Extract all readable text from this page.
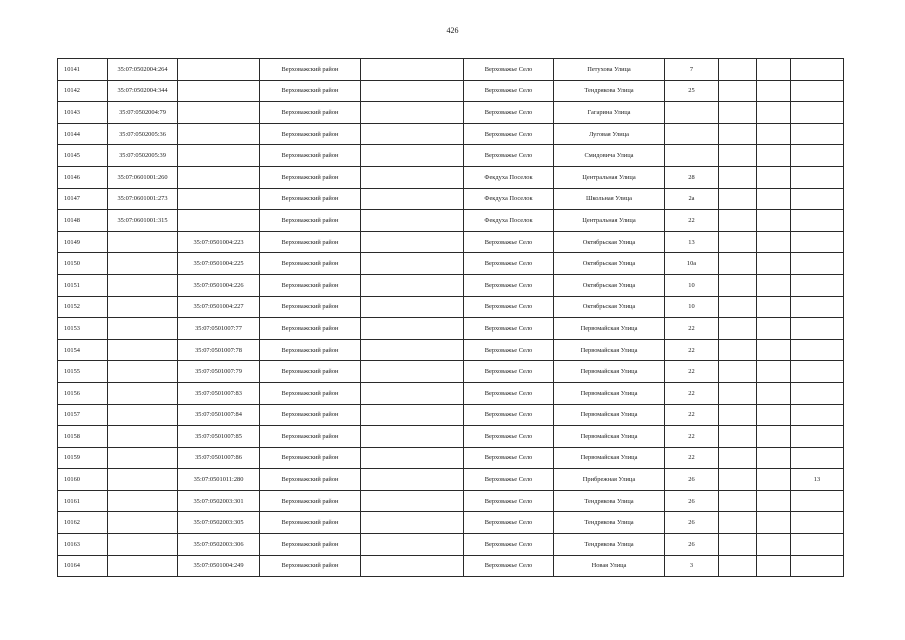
426
10141	35:07:0502004:264		Верховажский район		Верховажье Село	Петухова Улица	7			
10142	35:07:0502004:344		Верховажский район		Верховажье Село	Тендрякова Улица	25			
10143	35:07:0502004:79		Верховажский район		Верховажье Село	Гагарина Улица				
10144	35:07:0502005:36		Верховажский район		Верховажье Село	Луговая Улица				
10145	35:07:0502005:39		Верховажский район		Верховажье Село	Смидовича Улица				
10146	35:07:0601001:260		Верховажский район		Фекдуха Поселок	Центральная Улица	28			
10147	35:07:0601001:273		Верховажский район		Фекдуха Поселок	Школьная Улица	2а			
10148	35:07:0601001:315		Верховажский район		Фекдуха Поселок	Центральная Улица	22			
10149		35:07:0501004:223	Верховажский район		Верховажье Село	Октябрьская Улица	13			
10150		35:07:0501004:225	Верховажский район		Верховажье Село	Октябрьская Улица	10а			
10151		35:07:0501004:226	Верховажский район		Верховажье Село	Октябрьская Улица	10			
10152		35:07:0501004:227	Верховажский район		Верховажье Село	Октябрьская Улица	10			
10153		35:07:0501007:77	Верховажский район		Верховажье Село	Первомайская Улица	22			
10154		35:07:0501007:78	Верховажский район		Верховажье Село	Первомайская Улица	22			
10155		35:07:0501007:79	Верховажский район		Верховажье Село	Первомайская Улица	22			
10156		35:07:0501007:83	Верховажский район		Верховажье Село	Первомайская Улица	22			
10157		35:07:0501007:84	Верховажский район		Верховажье Село	Первомайская Улица	22			
10158		35:07:0501007:85	Верховажский район		Верховажье Село	Первомайская Улица	22			
10159		35:07:0501007:86	Верховажский район		Верховажье Село	Первомайская Улица	22			
10160		35:07:0501011:280	Верховажский район		Верховажье Село	Прибрежная Улица	26			13
10161		35:07:0502003:301	Верховажский район		Верховажье Село	Тендрякова Улица	26			
10162		35:07:0502003:305	Верховажский район		Верховажье Село	Тендрякова Улица	26			
10163		35:07:0502003:306	Верховажский район		Верховажье Село	Тендрякова Улица	26			
10164		35:07:0501004:249	Верховажский район		Верховажье Село	Новая Улица	3			
